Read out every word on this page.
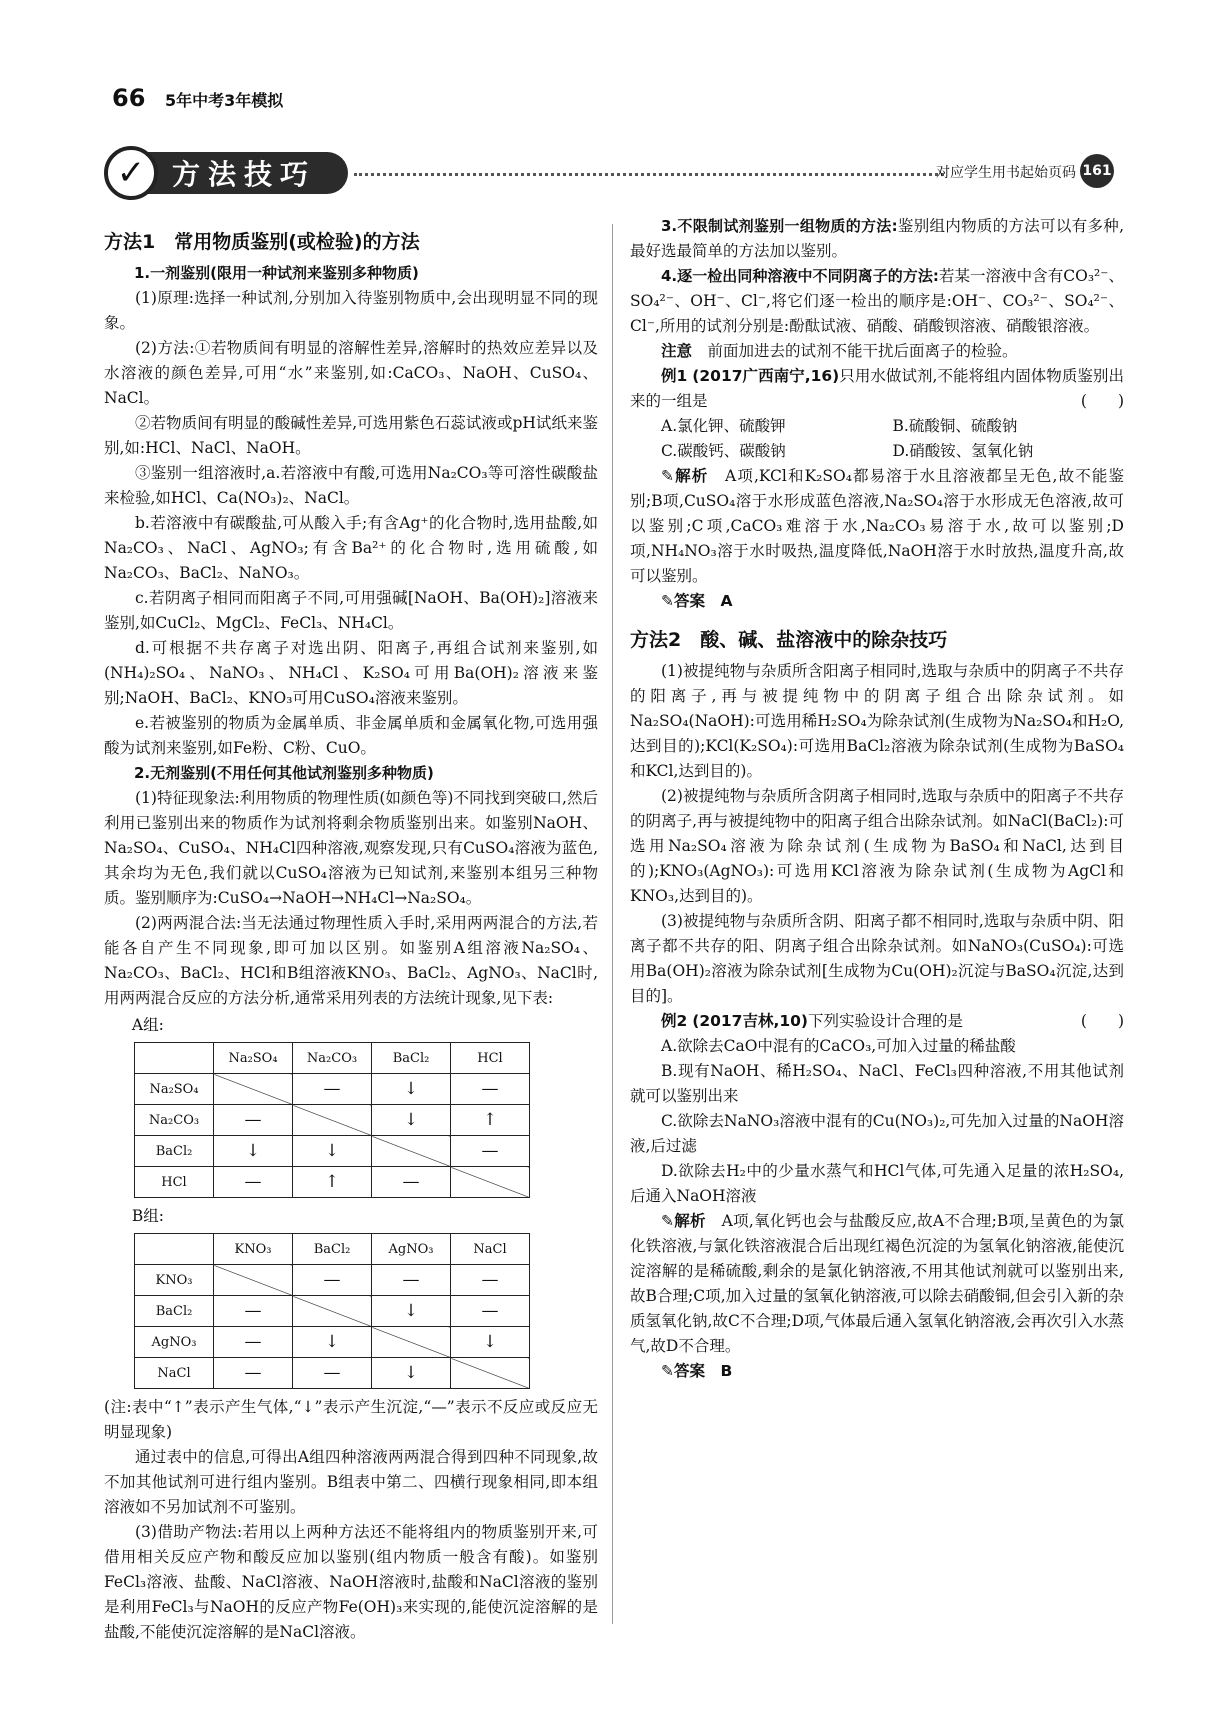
66 5年中考3年模拟
✓ 方法技巧	对应学生用书起始页码 161
方法1　常用物质鉴别(或检验)的方法

1.一剂鉴别(限用一种试剂来鉴别多种物质)

(1)原理:选择一种试剂,分别加入待鉴别物质中,会出现明显不同的现象。

(2)方法:①若物质间有明显的溶解性差异,溶解时的热效应差异以及水溶液的颜色差异,可用“水”来鉴别,如:CaCO₃、NaOH、CuSO₄、NaCl。

②若物质间有明显的酸碱性差异,可选用紫色石蕊试液或pH试纸来鉴别,如:HCl、NaCl、NaOH。

③鉴别一组溶液时,a.若溶液中有酸,可选用Na₂CO₃等可溶性碳酸盐来检验,如HCl、Ca(NO₃)₂、NaCl。

b.若溶液中有碳酸盐,可从酸入手;有含Ag⁺的化合物时,选用盐酸,如Na₂CO₃、NaCl、AgNO₃;有含Ba²⁺的化合物时,选用硫酸,如Na₂CO₃、BaCl₂、NaNO₃。

c.若阴离子相同而阳离子不同,可用强碱[NaOH、Ba(OH)₂]溶液来鉴别,如CuCl₂、MgCl₂、FeCl₃、NH₄Cl。

d.可根据不共存离子对选出阴、阳离子,再组合试剂来鉴别,如(NH₄)₂SO₄、NaNO₃、NH₄Cl、K₂SO₄可用Ba(OH)₂溶液来鉴别;NaOH、BaCl₂、KNO₃可用CuSO₄溶液来鉴别。

e.若被鉴别的物质为金属单质、非金属单质和金属氧化物,可选用强酸为试剂来鉴别,如Fe粉、C粉、CuO。

2.无剂鉴别(不用任何其他试剂鉴别多种物质)

(1)特征现象法:利用物质的物理性质(如颜色等)不同找到突破口,然后利用已鉴别出来的物质作为试剂将剩余物质鉴别出来。如鉴别NaOH、Na₂SO₄、CuSO₄、NH₄Cl四种溶液,观察发现,只有CuSO₄溶液为蓝色,其余均为无色,我们就以CuSO₄溶液为已知试剂,来鉴别本组另三种物质。鉴别顺序为:CuSO₄→NaOH→NH₄Cl→Na₂SO₄。

(2)两两混合法:当无法通过物理性质入手时,采用两两混合的方法,若能各自产生不同现象,即可加以区别。如鉴别A组溶液Na₂SO₄、Na₂CO₃、BaCl₂、HCl和B组溶液KNO₃、BaCl₂、AgNO₃、NaCl时,用两两混合反应的方法分析,通常采用列表的方法统计现象,见下表:

A组:

	Na₂SO₄	Na₂CO₃	BaCl₂	HCl
Na₂SO₄		—	↓	—
Na₂CO₃	—		↓	↑
BaCl₂	↓	↓		—
HCl	—	↑	—	

B组:

	KNO₃	BaCl₂	AgNO₃	NaCl
KNO₃		—	—	—
BaCl₂	—		↓	—
AgNO₃	—	↓		↓
NaCl	—	—	↓	

(注:表中“↑”表示产生气体,“↓”表示产生沉淀,“—”表示不反应或反应无明显现象)

通过表中的信息,可得出A组四种溶液两两混合得到四种不同现象,故不加其他试剂可进行组内鉴别。B组表中第二、四横行现象相同,即本组溶液如不另加试剂不可鉴别。

(3)借助产物法:若用以上两种方法还不能将组内的物质鉴别开来,可借用相关反应产物和酸反应加以鉴别(组内物质一般含有酸)。如鉴别FeCl₃溶液、盐酸、NaCl溶液、NaOH溶液时,盐酸和NaCl溶液的鉴别是利用FeCl₃与NaOH的反应产物Fe(OH)₃来实现的,能使沉淀溶解的是盐酸,不能使沉淀溶解的是NaCl溶液。

3.不限制试剂鉴别一组物质的方法:鉴别组内物质的方法可以有多种,最好选最简单的方法加以鉴别。

4.逐一检出同种溶液中不同阴离子的方法:若某一溶液中含有CO₃²⁻、SO₄²⁻、OH⁻、Cl⁻,将它们逐一检出的顺序是:OH⁻、CO₃²⁻、SO₄²⁻、Cl⁻,所用的试剂分别是:酚酞试液、硝酸、硝酸钡溶液、硝酸银溶液。

注意　 前面加进去的试剂不能干扰后面离子的检验。

例1 (2017广西南宁,16)只用水做试剂,不能将组内固体物质鉴别出来的一组是	(　　)

A.氯化钾、硫酸钾	B.硫酸铜、硫酸钠
C.碳酸钙、碳酸钠	D.硝酸铵、氢氧化钠

✎解析　 A项,KCl和K₂SO₄都易溶于水且溶液都呈无色,故不能鉴别;B项,CuSO₄溶于水形成蓝色溶液,Na₂SO₄溶于水形成无色溶液,故可以鉴别;C项,CaCO₃难溶于水,Na₂CO₃易溶于水,故可以鉴别;D项,NH₄NO₃溶于水时吸热,温度降低,NaOH溶于水时放热,温度升高,故可以鉴别。

✎答案　 A

方法2　酸、碱、盐溶液中的除杂技巧

(1)被提纯物与杂质所含阳离子相同时,选取与杂质中的阴离子不共存的阳离子,再与被提纯物中的阴离子组合出除杂试剂。如Na₂SO₄(NaOH):可选用稀H₂SO₄为除杂试剂(生成物为Na₂SO₄和H₂O,达到目的);KCl(K₂SO₄):可选用BaCl₂溶液为除杂试剂(生成物为BaSO₄和KCl,达到目的)。

(2)被提纯物与杂质所含阴离子相同时,选取与杂质中的阳离子不共存的阴离子,再与被提纯物中的阳离子组合出除杂试剂。如NaCl(BaCl₂):可选用Na₂SO₄溶液为除杂试剂(生成物为BaSO₄和NaCl,达到目的);KNO₃(AgNO₃):可选用KCl溶液为除杂试剂(生成物为AgCl和KNO₃,达到目的)。

(3)被提纯物与杂质所含阴、阳离子都不相同时,选取与杂质中阴、阳离子都不共存的阳、阴离子组合出除杂试剂。如NaNO₃(CuSO₄):可选用Ba(OH)₂溶液为除杂试剂[生成物为Cu(OH)₂沉淀与BaSO₄沉淀,达到目的]。

例2 (2017吉林,10)下列实验设计合理的是	(　　)

A.欲除去CaO中混有的CaCO₃,可加入过量的稀盐酸

B.现有NaOH、稀H₂SO₄、NaCl、FeCl₃四种溶液,不用其他试剂就可以鉴别出来

C.欲除去NaNO₃溶液中混有的Cu(NO₃)₂,可先加入过量的NaOH溶液,后过滤

D.欲除去H₂中的少量水蒸气和HCl气体,可先通入足量的浓H₂SO₄,后通入NaOH溶液

✎解析　 A项,氧化钙也会与盐酸反应,故A不合理;B项,呈黄色的为氯化铁溶液,与氯化铁溶液混合后出现红褐色沉淀的为氢氧化钠溶液,能使沉淀溶解的是稀硫酸,剩余的是氯化钠溶液,不用其他试剂就可以鉴别出来,故B合理;C项,加入过量的氢氧化钠溶液,可以除去硝酸铜,但会引入新的杂质氢氧化钠,故C不合理;D项,气体最后通入氢氧化钠溶液,会再次引入水蒸气,故D不合理。

✎答案　 B
